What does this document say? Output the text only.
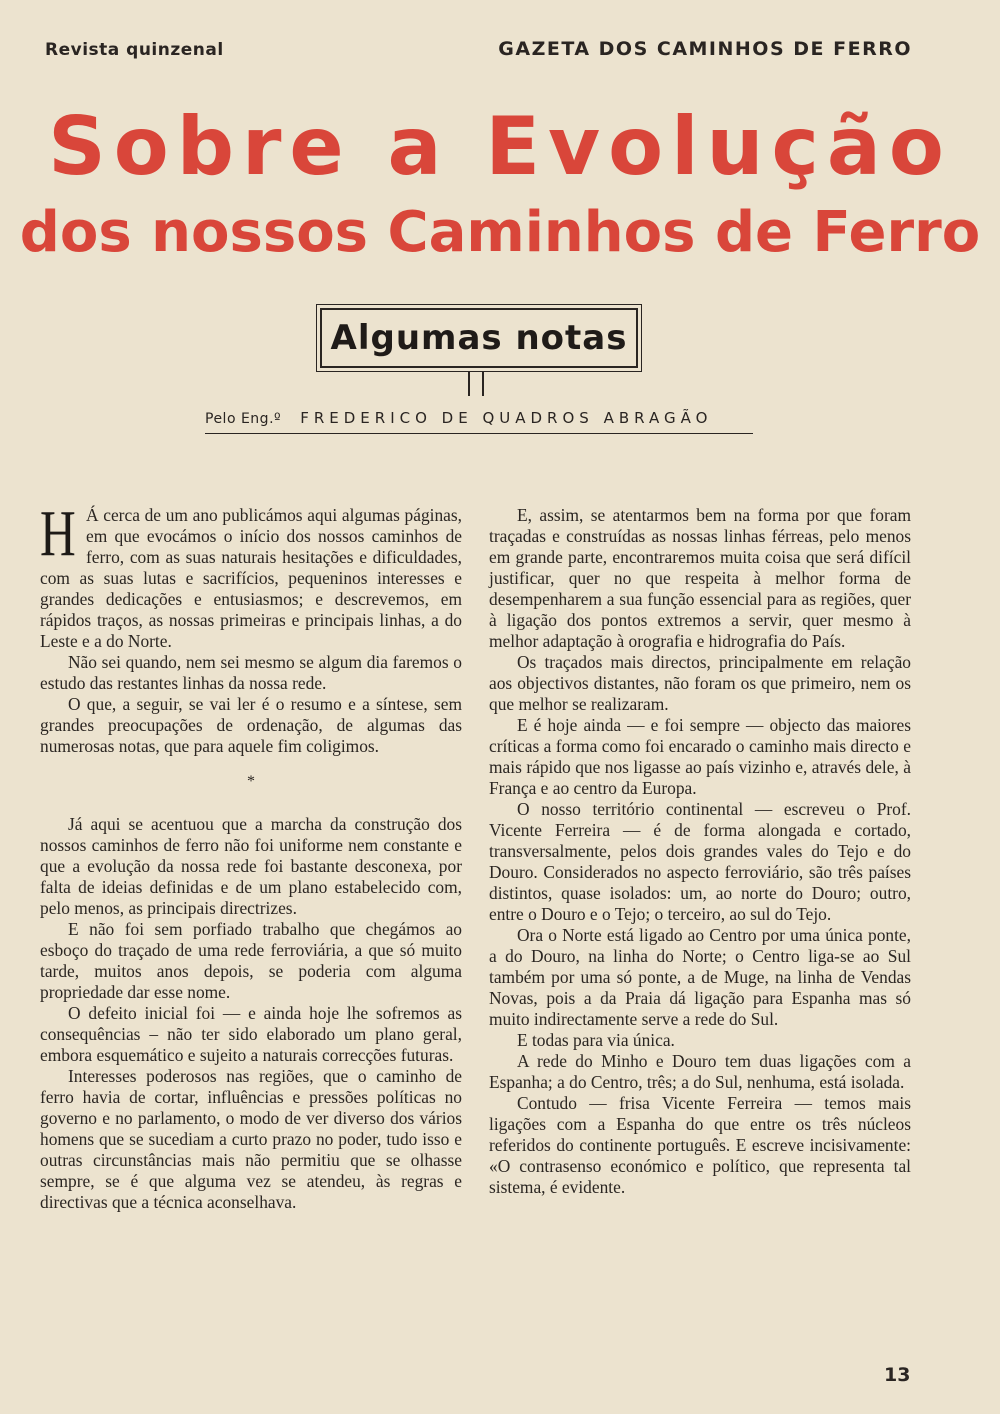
Revista quinzenal	GAZETA DOS CAMINHOS DE FERRO
Sobre a Evolução
dos nossos Caminhos de Ferro
Algumas notas
Pelo Eng.º FREDERICO DE QUADROS ABRAGÃO

H Á cerca de um ano publicámos aqui algumas páginas, em que evocámos o início dos nossos caminhos de ferro, com as suas naturais hesitações e dificuldades, com as suas lutas e sacrifícios, pequeninos interesses e grandes dedicações e entusiasmos; e descrevemos, em rápidos traços, as nossas primeiras e principais linhas, a do Leste e a do Norte.

Não sei quando, nem sei mesmo se algum dia faremos o estudo das restantes linhas da nossa rede.

O que, a seguir, se vai ler é o resumo e a síntese, sem grandes preocupações de ordenação, de algumas das numerosas notas, que para aquele fim coligimos.

*

Já aqui se acentuou que a marcha da construção dos nossos caminhos de ferro não foi uniforme nem constante e que a evolução da nossa rede foi bastante desconexa, por falta de ideias definidas e de um plano estabelecido com, pelo menos, as principais directrizes.

E não foi sem porfiado trabalho que chegámos ao esboço do traçado de uma rede ferroviária, a que só muito tarde, muitos anos depois, se poderia com alguma propriedade dar esse nome.

O defeito inicial foi — e ainda hoje lhe sofremos as consequências – não ter sido elaborado um plano geral, embora esquemático e sujeito a naturais correcções futuras.

Interesses poderosos nas regiões, que o caminho de ferro havia de cortar, influências e pressões políticas no governo e no parlamento, o modo de ver diverso dos vários homens que se sucediam a curto prazo no poder, tudo isso e outras circunstâncias mais não permitiu que se olhasse sempre, se é que alguma vez se atendeu, às regras e directivas que a técnica aconselhava.

E, assim, se atentarmos bem na forma por que foram traçadas e construídas as nossas linhas férreas, pelo menos em grande parte, encontraremos muita coisa que será difícil justificar, quer no que respeita à melhor forma de desempenharem a sua função essencial para as regiões, quer à ligação dos pontos extremos a servir, quer mesmo à melhor adaptação à orografia e hidrografia do País.

Os traçados mais directos, principalmente em relação aos objectivos distantes, não foram os que primeiro, nem os que melhor se realizaram.

E é hoje ainda — e foi sempre — objecto das maiores críticas a forma como foi encarado o caminho mais directo e mais rápido que nos ligasse ao país vizinho e, através dele, à França e ao centro da Europa.

O nosso território continental — escreveu o Prof. Vicente Ferreira — é de forma alongada e cortado, transversalmente, pelos dois grandes vales do Tejo e do Douro. Considerados no aspecto ferroviário, são três países distintos, quase isolados: um, ao norte do Douro; outro, entre o Douro e o Tejo; o terceiro, ao sul do Tejo.

Ora o Norte está ligado ao Centro por uma única ponte, a do Douro, na linha do Norte; o Centro liga-se ao Sul também por uma só ponte, a de Muge, na linha de Vendas Novas, pois a da Praia dá ligação para Espanha mas só muito indirectamente serve a rede do Sul.

E todas para via única.

A rede do Minho e Douro tem duas ligações com a Espanha; a do Centro, três; a do Sul, nenhuma, está isolada.

Contudo — frisa Vicente Ferreira — temos mais ligações com a Espanha do que entre os três núcleos referidos do continente português. E escreve incisivamente: «O contrasenso económico e político, que representa tal sistema, é evidente.

13
